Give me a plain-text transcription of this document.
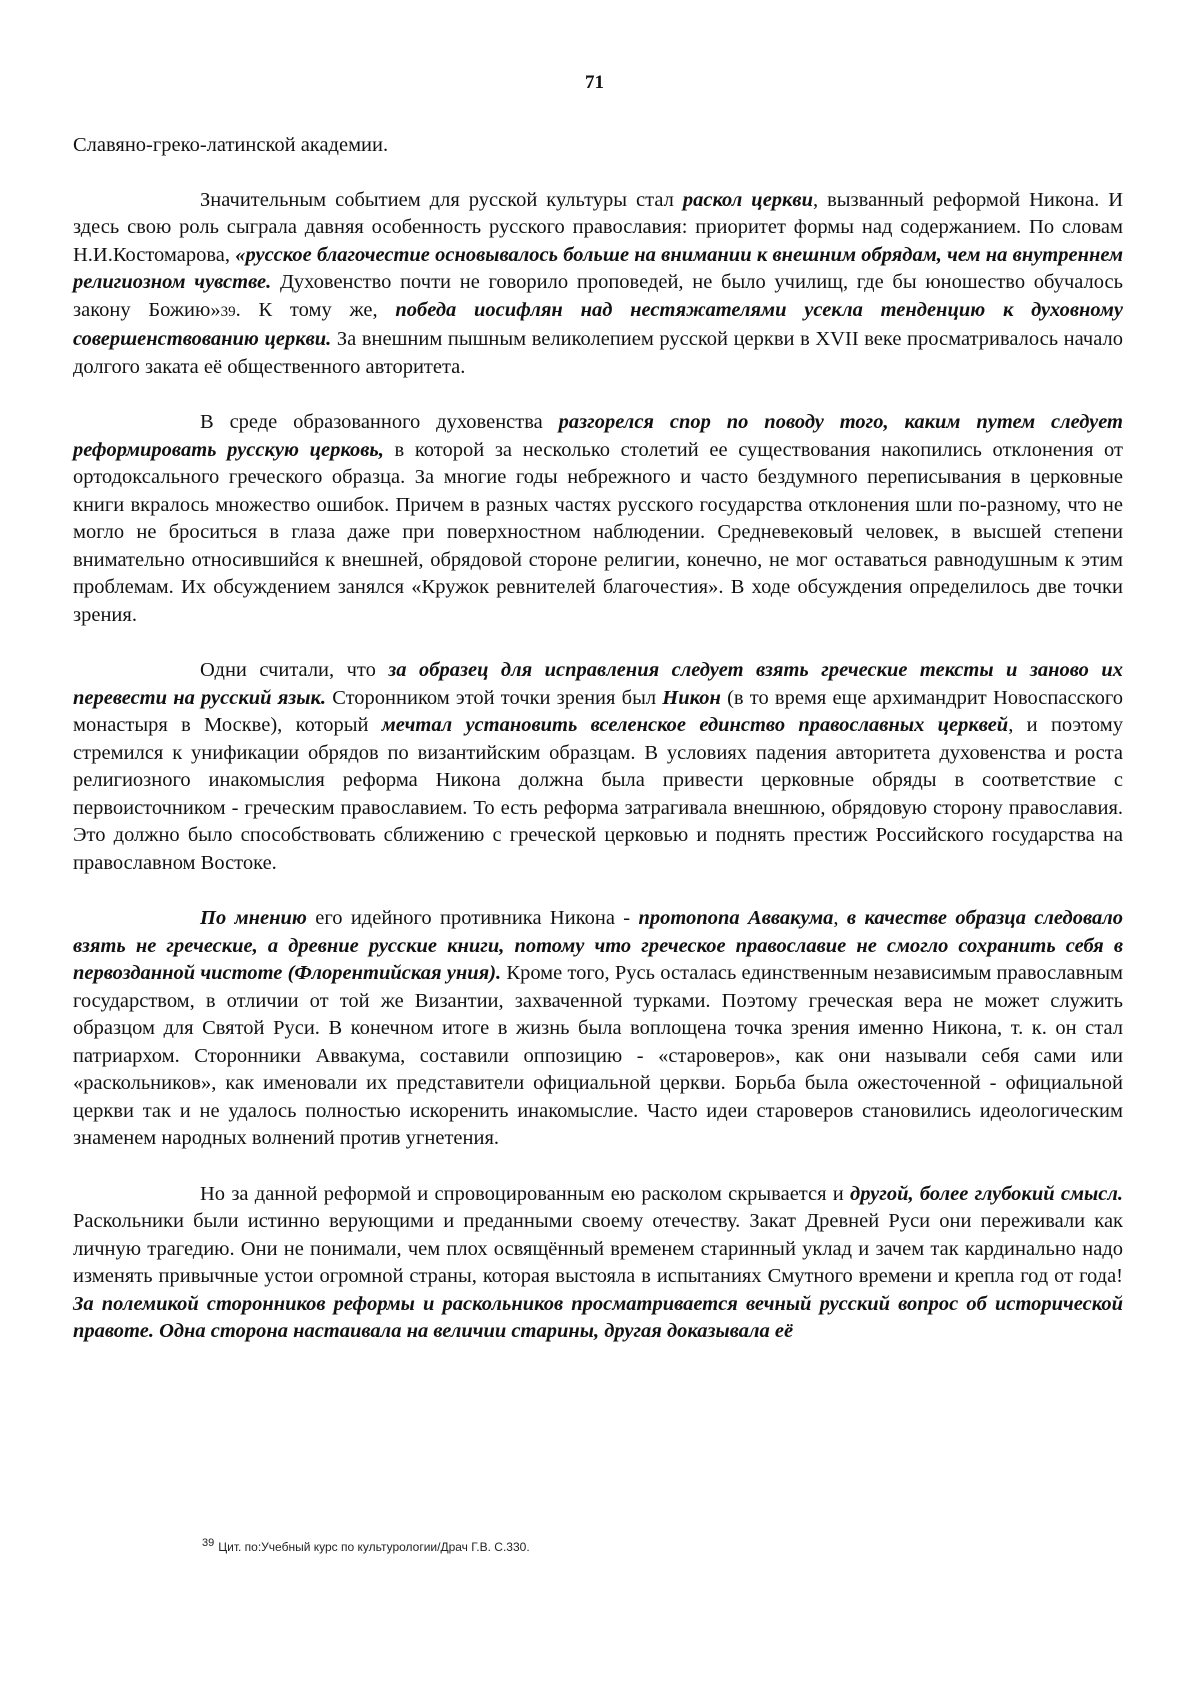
71

Славяно-греко-латинской академии.

Значительным событием для русской культуры стал раскол церкви, вызванный реформой Никона. И здесь свою роль сыграла давняя особенность русского православия: приоритет формы над содержанием. По словам Н.И.Костомарова, «русское благочестие основывалось больше на внимании к внешним обрядам, чем на внутреннем религиозном чувстве. Духовенство почти не говорило проповедей, не было училищ, где бы юношество обучалось закону Божию»39. К тому же, победа иосифлян над нестяжателями усекла тенденцию к духовному совершенствованию церкви. За внешним пышным великолепием русской церкви в XVII веке просматривалось начало долгого заката её общественного авторитета.

В среде образованного духовенства разгорелся спор по поводу того, каким путем следует реформировать русскую церковь, в которой за несколько столетий ее существования накопились отклонения от ортодоксального греческого образца. За многие годы небрежного и часто бездумного переписывания в церковные книги вкралось множество ошибок. Причем в разных частях русского государства отклонения шли по-разному, что не могло не броситься в глаза даже при поверхностном наблюдении. Средневековый человек, в высшей степени внимательно относившийся к внешней, обрядовой стороне религии, конечно, не мог оставаться равнодушным к этим проблемам. Их обсуждением занялся «Кружок ревнителей благочестия». В ходе обсуждения определилось две точки зрения.

Одни считали, что за образец для исправления следует взять греческие тексты и заново их перевести на русский язык. Сторонником этой точки зрения был Никон (в то время еще архимандрит Новоспасского монастыря в Москве), который мечтал установить вселенское единство православных церквей, и поэтому стремился к унификации обрядов по византийским образцам. В условиях падения авторитета духовенства и роста религиозного инакомыслия реформа Никона должна была привести церковные обряды в соответствие с первоисточником - греческим православием. То есть реформа затрагивала внешнюю, обрядовую сторону православия. Это должно было способствовать сближению с греческой церковью и поднять престиж Российского государства на православном Востоке.

По мнению его идейного противника Никона - протопопа Аввакума, в качестве образца следовало взять не греческие, а древние русские книги, потому что греческое православие не смогло сохранить себя в первозданной чистоте (Флорентийская уния). Кроме того, Русь осталась единственным независимым православным государством, в отличии от той же Византии, захваченной турками. Поэтому греческая вера не может служить образцом для Святой Руси. В конечном итоге в жизнь была воплощена точка зрения именно Никона, т. к. он стал патриархом. Сторонники Аввакума, составили оппозицию - «староверов», как они называли себя сами или «раскольников», как именовали их представители официальной церкви. Борьба была ожесточенной - официальной церкви так и не удалось полностью искоренить инакомыслие. Часто идеи староверов становились идеологическим знаменем народных волнений против угнетения.

Но за данной реформой и спровоцированным ею расколом скрывается и другой, более глубокий смысл. Раскольники были истинно верующими и преданными своему отечеству. Закат Древней Руси они переживали как личную трагедию. Они не понимали, чем плох освящённый временем старинный уклад и зачем так кардинально надо изменять привычные устои огромной страны, которая выстояла в испытаниях Смутного времени и крепла год от года! За полемикой сторонников реформы и раскольников просматривается вечный русский вопрос об исторической правоте. Одна сторона настаивала на величии старины, другая доказывала её

$^{39}$ Цит. по:Учебный курс по культурологии/Драч Г.В. С.330.
